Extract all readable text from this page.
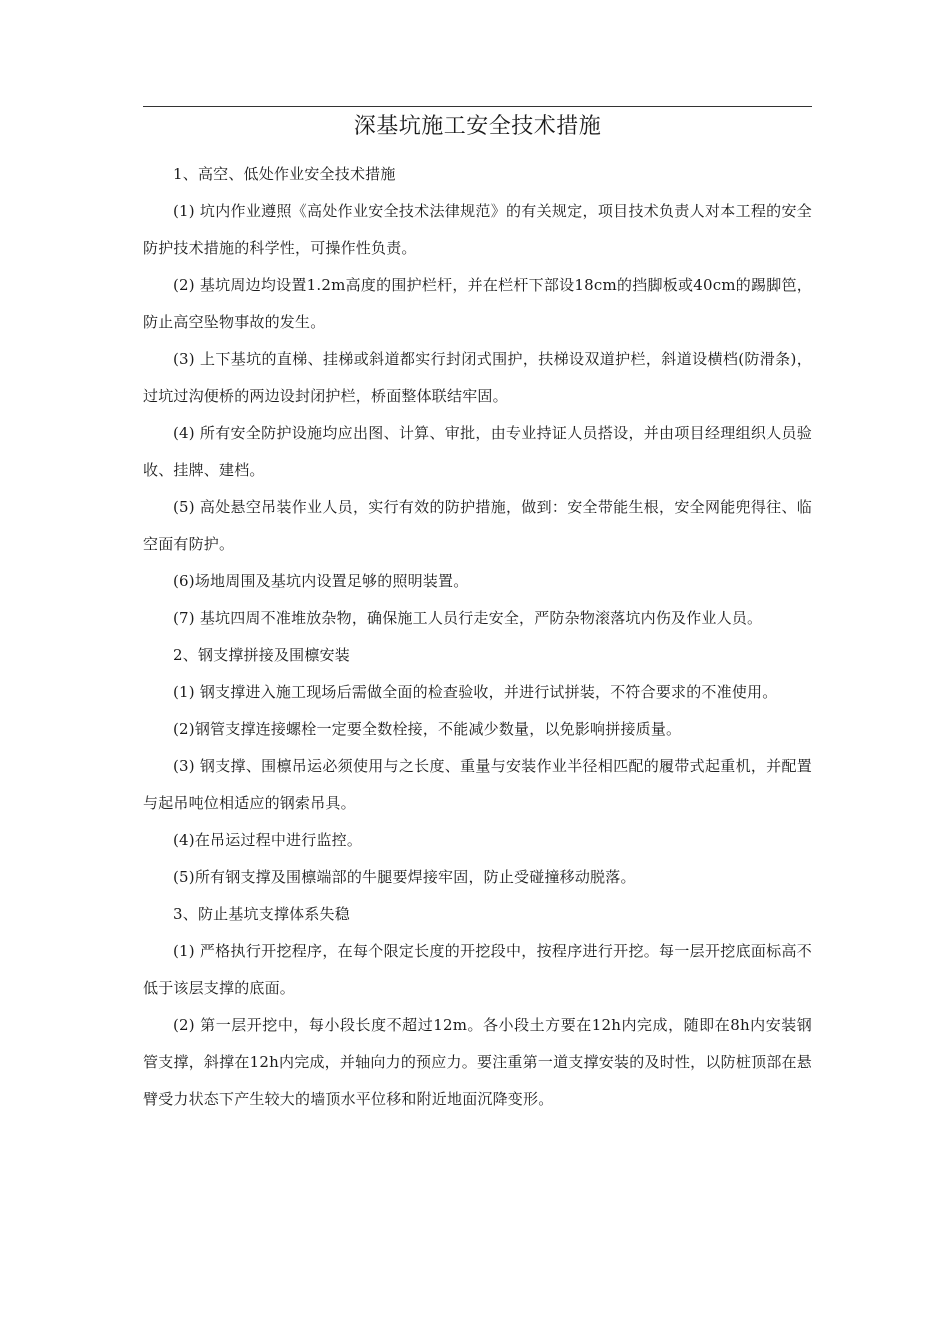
深基坑施工安全技术措施

1、高空、低处作业安全技术措施

(1) 坑内作业遵照《高处作业安全技术法律规范》的有关规定，项目技术负责人对本工程的安全防护技术措施的科学性，可操作性负责。

(2) 基坑周边均设置1.2m高度的围护栏杆，并在栏杆下部设18cm的挡脚板或40cm的踢脚笆，防止高空坠物事故的发生。

(3) 上下基坑的直梯、挂梯或斜道都实行封闭式围护，扶梯设双道护栏，斜道设横档(防滑条)，过坑过沟便桥的两边设封闭护栏，桥面整体联结牢固。

(4) 所有安全防护设施均应出图、计算、审批，由专业持证人员搭设，并由项目经理组织人员验收、挂牌、建档。

(5) 高处悬空吊装作业人员，实行有效的防护措施，做到：安全带能生根，安全网能兜得往、临空面有防护。

(6)场地周围及基坑内设置足够的照明装置。

(7) 基坑四周不准堆放杂物，确保施工人员行走安全，严防杂物滚落坑内伤及作业人员。

2、钢支撑拼接及围檩安装

(1) 钢支撑进入施工现场后需做全面的检查验收，并进行试拼装，不符合要求的不准使用。

(2)钢管支撑连接螺栓一定要全数栓接，不能减少数量，以免影响拼接质量。

(3) 钢支撑、围檩吊运必须使用与之长度、重量与安装作业半径相匹配的履带式起重机，并配置与起吊吨位相适应的钢索吊具。

(4)在吊运过程中进行监控。

(5)所有钢支撑及围檩端部的牛腿要焊接牢固，防止受碰撞移动脱落。

3、防止基坑支撑体系失稳

(1) 严格执行开挖程序，在每个限定长度的开挖段中，按程序进行开挖。每一层开挖底面标高不低于该层支撑的底面。

(2) 第一层开挖中，每小段长度不超过12m。各小段土方要在12h内完成，随即在8h内安装钢管支撑，斜撑在12h内完成，并轴向力的预应力。要注重第一道支撑安装的及时性，以防桩顶部在悬臂受力状态下产生较大的墙顶水平位移和附近地面沉降变形。
